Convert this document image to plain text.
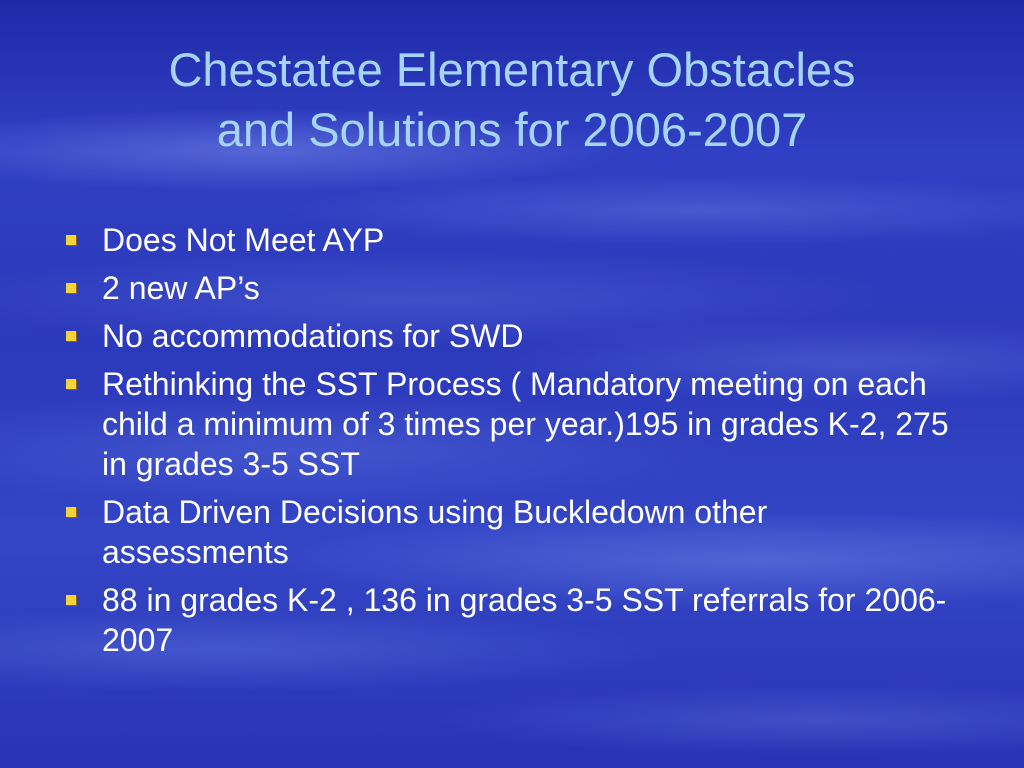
Chestatee Elementary Obstacles
and Solutions for 2006-2007
Does Not Meet AYP
2 new AP’s
No accommodations for SWD
Rethinking the SST Process ( Mandatory meeting on each child a minimum of 3 times per year.)195 in grades K-2, 275 in grades 3-5 SST
Data Driven Decisions using Buckledown other assessments
88 in grades K-2 , 136 in grades 3-5 SST referrals for 2006-2007
